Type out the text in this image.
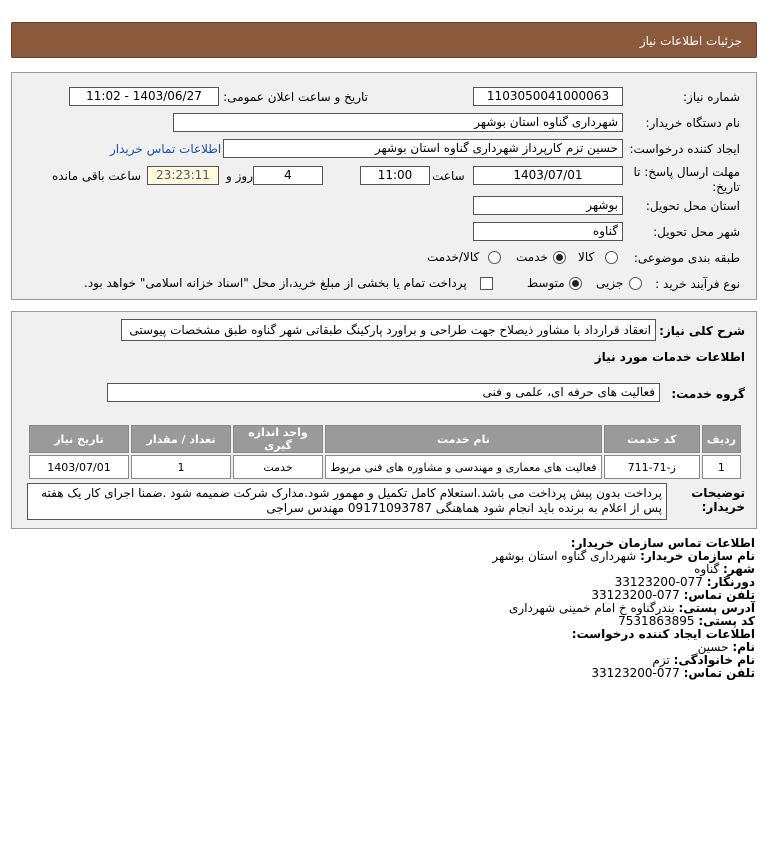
جزئیات اطلاعات نیاز
شماره نیاز:
1103050041000063
تاریخ و ساعت اعلان عمومی:
1403/06/27 - 11:02
نام دستگاه خریدار:
شهرداری گناوه استان بوشهر
ایجاد کننده درخواست:
حسین تزم کارپرداز شهرداری گناوه استان بوشهر
اطلاعات تماس خریدار
مهلت ارسال پاسخ: تا تاریخ:
1403/07/01
ساعت
11:00
4
روز و
23:23:11
ساعت باقی مانده
استان محل تحویل:
بوشهر
شهر محل تحویل:
گناوه
طبقه بندی موضوعی:
کالا
خدمت
کالا/خدمت
نوع فرآیند خرید :
جزیی
متوسط
پرداخت تمام یا بخشی از مبلغ خرید،از محل "اسناد خزانه اسلامی" خواهد بود.
شرح کلی نیاز:
انعقاد قرارداد با مشاور ذیصلاح جهت طراحی و براورد پارکینگ طبقاتی شهر گناوه طبق مشخصات پیوستی
اطلاعات خدمات مورد نیاز
گروه خدمت:
فعالیت های حرفه ای، علمی و فنی
ردیف	کد خدمت	نام خدمت	واحد اندازه گیری	تعداد / مقدار	تاریخ نیاز
1	ز-71-711	فعالیت های معماری و مهندسی و مشاوره های فنی مربوط	خدمت	1	1403/07/01
توضیحات خریدار:
پرداخت بدون پیش پرداخت می باشد.استعلام کامل تکمیل و مهمور شود.مدارک شرکت ضمیمه شود .ضمنا اجرای کار یک هفته
پس از اعلام به برنده باید انجام شود هماهنگی 09171093787 مهندس سراجی
اطلاعات تماس سازمان خریدار:
نام سازمان خریدار: شهرداری گناوه استان بوشهر
شهر: گناوه
دورنگار: 077-33123200
تلفن تماس: 077-33123200
آدرس پستی: بندرگناوه خ امام خمینی شهرداری
کد پستی: 7531863895
اطلاعات ایجاد کننده درخواست:
نام: حسین
نام خانوادگی: تزم
تلفن تماس: 077-33123200
